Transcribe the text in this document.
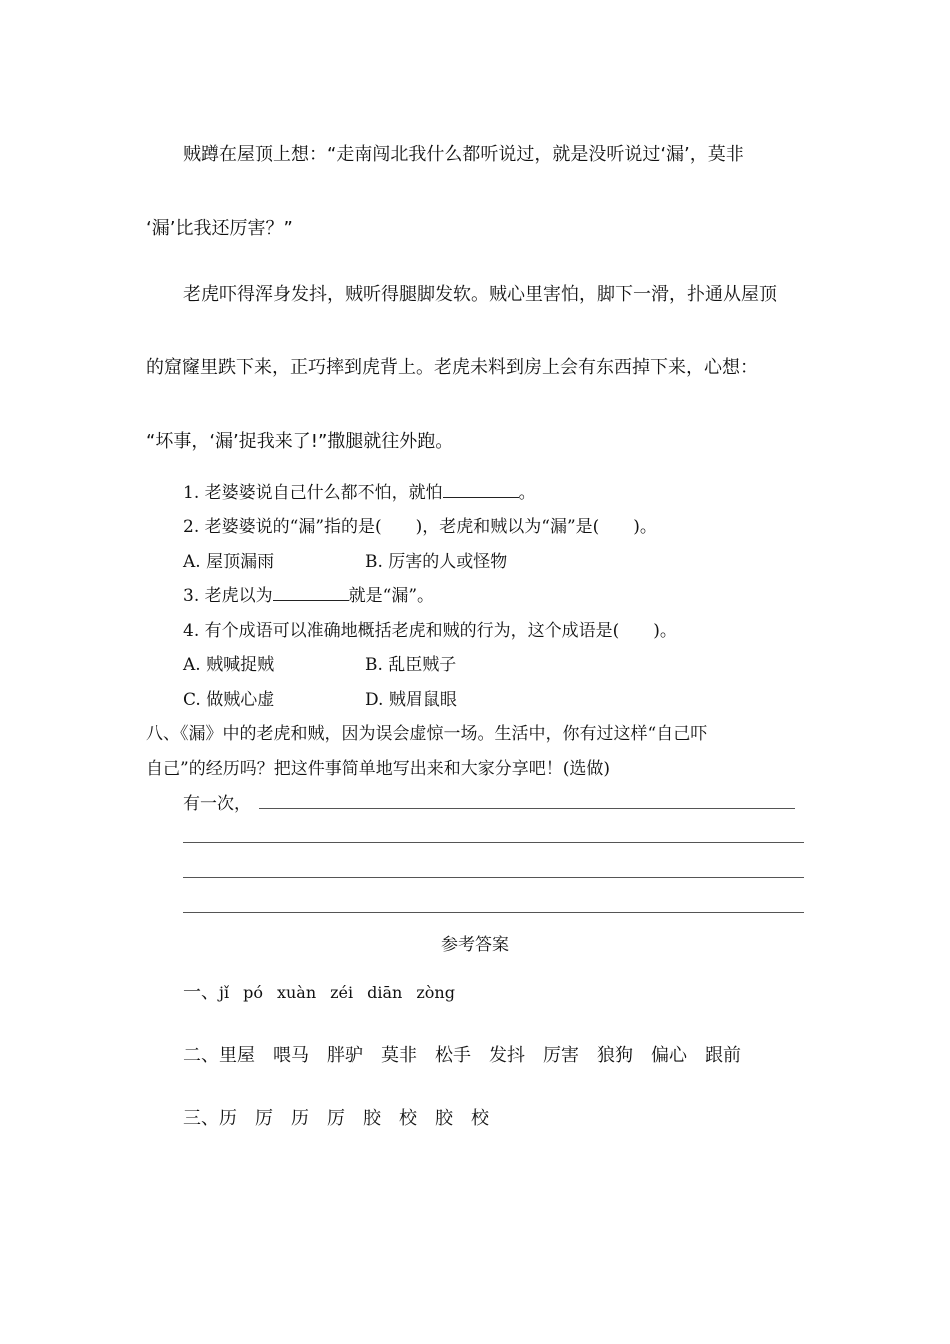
贼蹲在屋顶上想：“走南闯北我什么都听说过，就是没听说过‘漏’，莫非
‘漏’比我还厉害？”
老虎吓得浑身发抖，贼听得腿脚发软。贼心里害怕，脚下一滑，扑通从屋顶
的窟窿里跌下来，正巧摔到虎背上。老虎未料到房上会有东西掉下来，心想：
“坏事，‘漏’捉我来了!”撒腿就往外跑。
1. 老婆婆说自己什么都不怕，就怕	。
2. 老婆婆说的“漏”指的是(　　)，老虎和贼以为“漏”是(　　)。
A. 屋顶漏雨	B. 厉害的人或怪物
3. 老虎以为	就是“漏”。
4. 有个成语可以准确地概括老虎和贼的行为，这个成语是(　　)。
A. 贼喊捉贼	B. 乱臣贼子
C. 做贼心虚	D. 贼眉鼠眼
八、《漏》中的老虎和贼，因为误会虚惊一场。生活中，你有过这样“自己吓
自己”的经历吗？把这件事简单地写出来和大家分享吧！(选做)
有一次，
参考答案
一、jǐ pó xuàn zéi diān zòng
二、里屋 喂马 胖驴 莫非 松手 发抖 厉害 狼狗 偏心 跟前
三、历 厉 历 厉 胶 校 胶 校
